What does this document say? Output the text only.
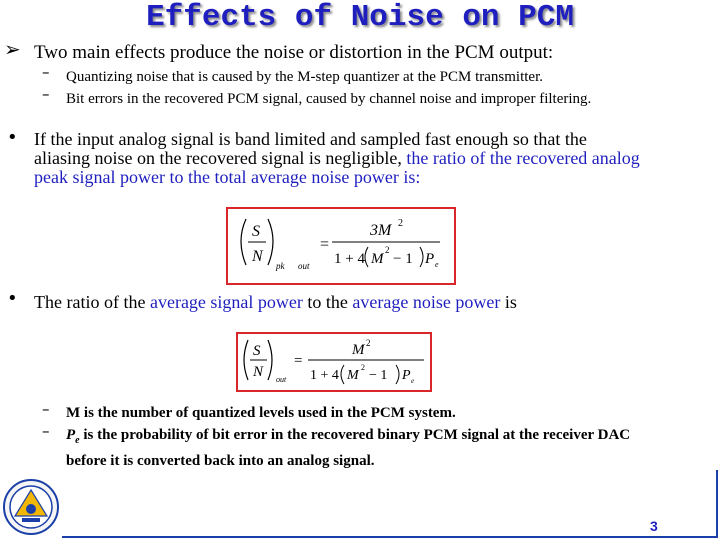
Effects of Noise on PCM
➢ Two main effects produce the noise or distortion in the PCM output:
– Quantizing noise that is caused by the M-step quantizer at the PCM transmitter.
– Bit errors in the recovered PCM signal, caused by channel noise and improper filtering.
• If the input analog signal is band limited and sampled fast enough so that the
aliasing noise on the recovered signal is negligible, the ratio of the recovered analog
peak signal power to the total average noise power is:
S
N
pk out
=
3M 2
1 + 4 M
2
− 1 P e
• The ratio of the average signal power to the average noise power is
S
N out
=
M 2
1 + 4 M
2
− 1 P e
– M is the number of quantized levels used in the PCM system.
– $P_e$ is the probability of bit error in the recovered binary PCM signal at the receiver DAC
before it is converted back into an analog signal.
3
